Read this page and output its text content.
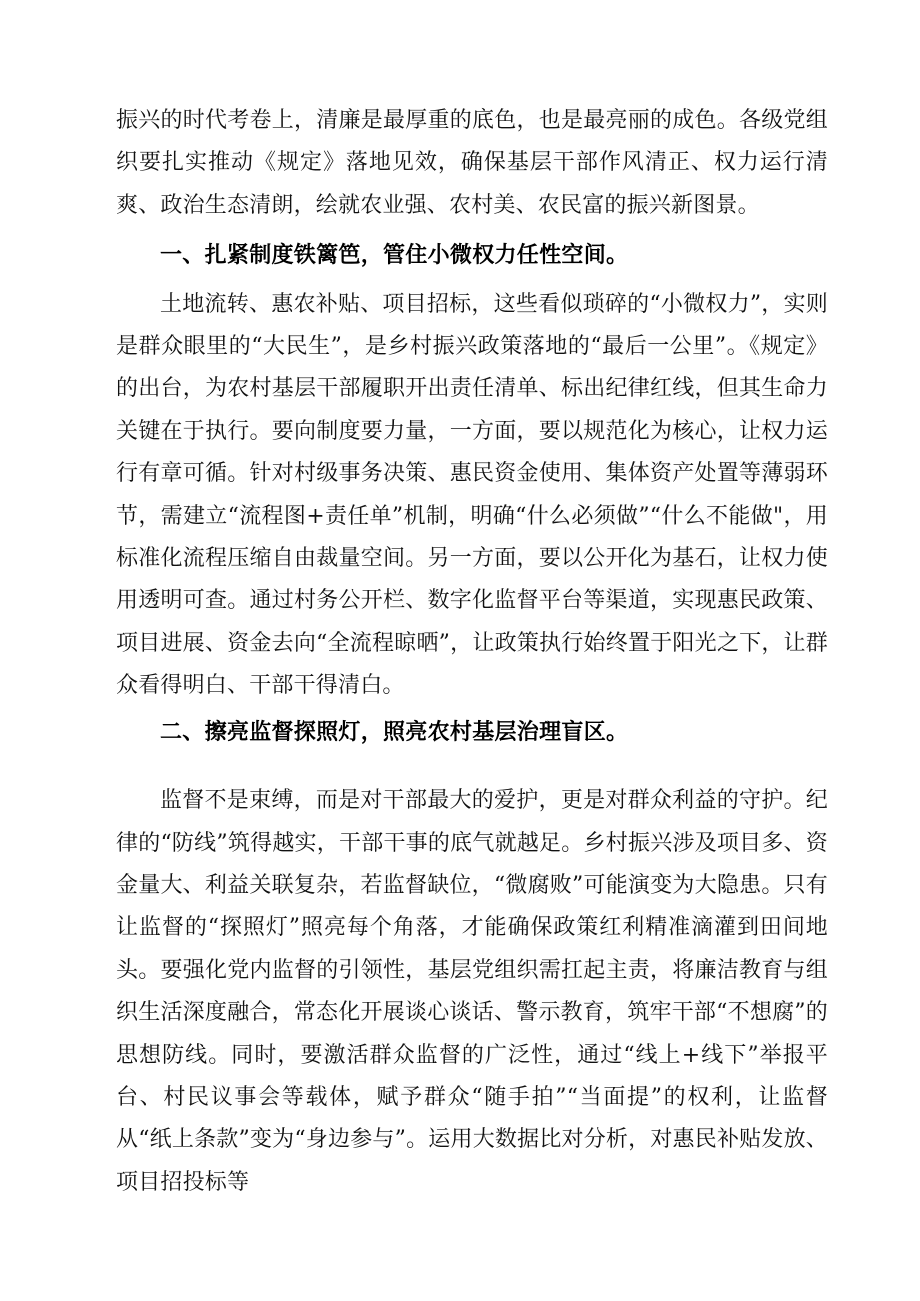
振兴的时代考卷上，清廉是最厚重的底色，也是最亮丽的成色。各级党组织要扎实推动《规定》落地见效，确保基层干部作风清正、权力运行清爽、政治生态清朗，绘就农业强、农村美、农民富的振兴新图景。

一、扎紧制度铁篱笆，管住小微权力任性空间。

土地流转、惠农补贴、项目招标，这些看似琐碎的“小微权力”，实则是群众眼里的“大民生”，是乡村振兴政策落地的“最后一公里”。《规定》的出台，为农村基层干部履职开出责任清单、标出纪律红线，但其生命力关键在于执行。要向制度要力量，一方面，要以规范化为核心，让权力运行有章可循。针对村级事务决策、惠民资金使用、集体资产处置等薄弱环节，需建立“流程图+责任单”机制，明确“什么必须做”“什么不能做"，用标准化流程压缩自由裁量空间。另一方面，要以公开化为基石，让权力使用透明可查。通过村务公开栏、数字化监督平台等渠道，实现惠民政策、项目进展、资金去向“全流程晾晒”，让政策执行始终置于阳光之下，让群众看得明白、干部干得清白。

二、擦亮监督探照灯，照亮农村基层治理盲区。

监督不是束缚，而是对干部最大的爱护，更是对群众利益的守护。纪律的“防线”筑得越实，干部干事的底气就越足。乡村振兴涉及项目多、资金量大、利益关联复杂，若监督缺位，“微腐败”可能演变为大隐患。只有让监督的“探照灯”照亮每个角落，才能确保政策红利精准滴灌到田间地头。要强化党内监督的引领性，基层党组织需扛起主责，将廉洁教育与组织生活深度融合，常态化开展谈心谈话、警示教育，筑牢干部“不想腐”的思想防线。同时，要激活群众监督的广泛性，通过“线上+线下”举报平台、村民议事会等载体，赋予群众“随手拍”“当面提”的权利，让监督从“纸上条款”变为“身边参与”。运用大数据比对分析，对惠民补贴发放、项目招投标等
